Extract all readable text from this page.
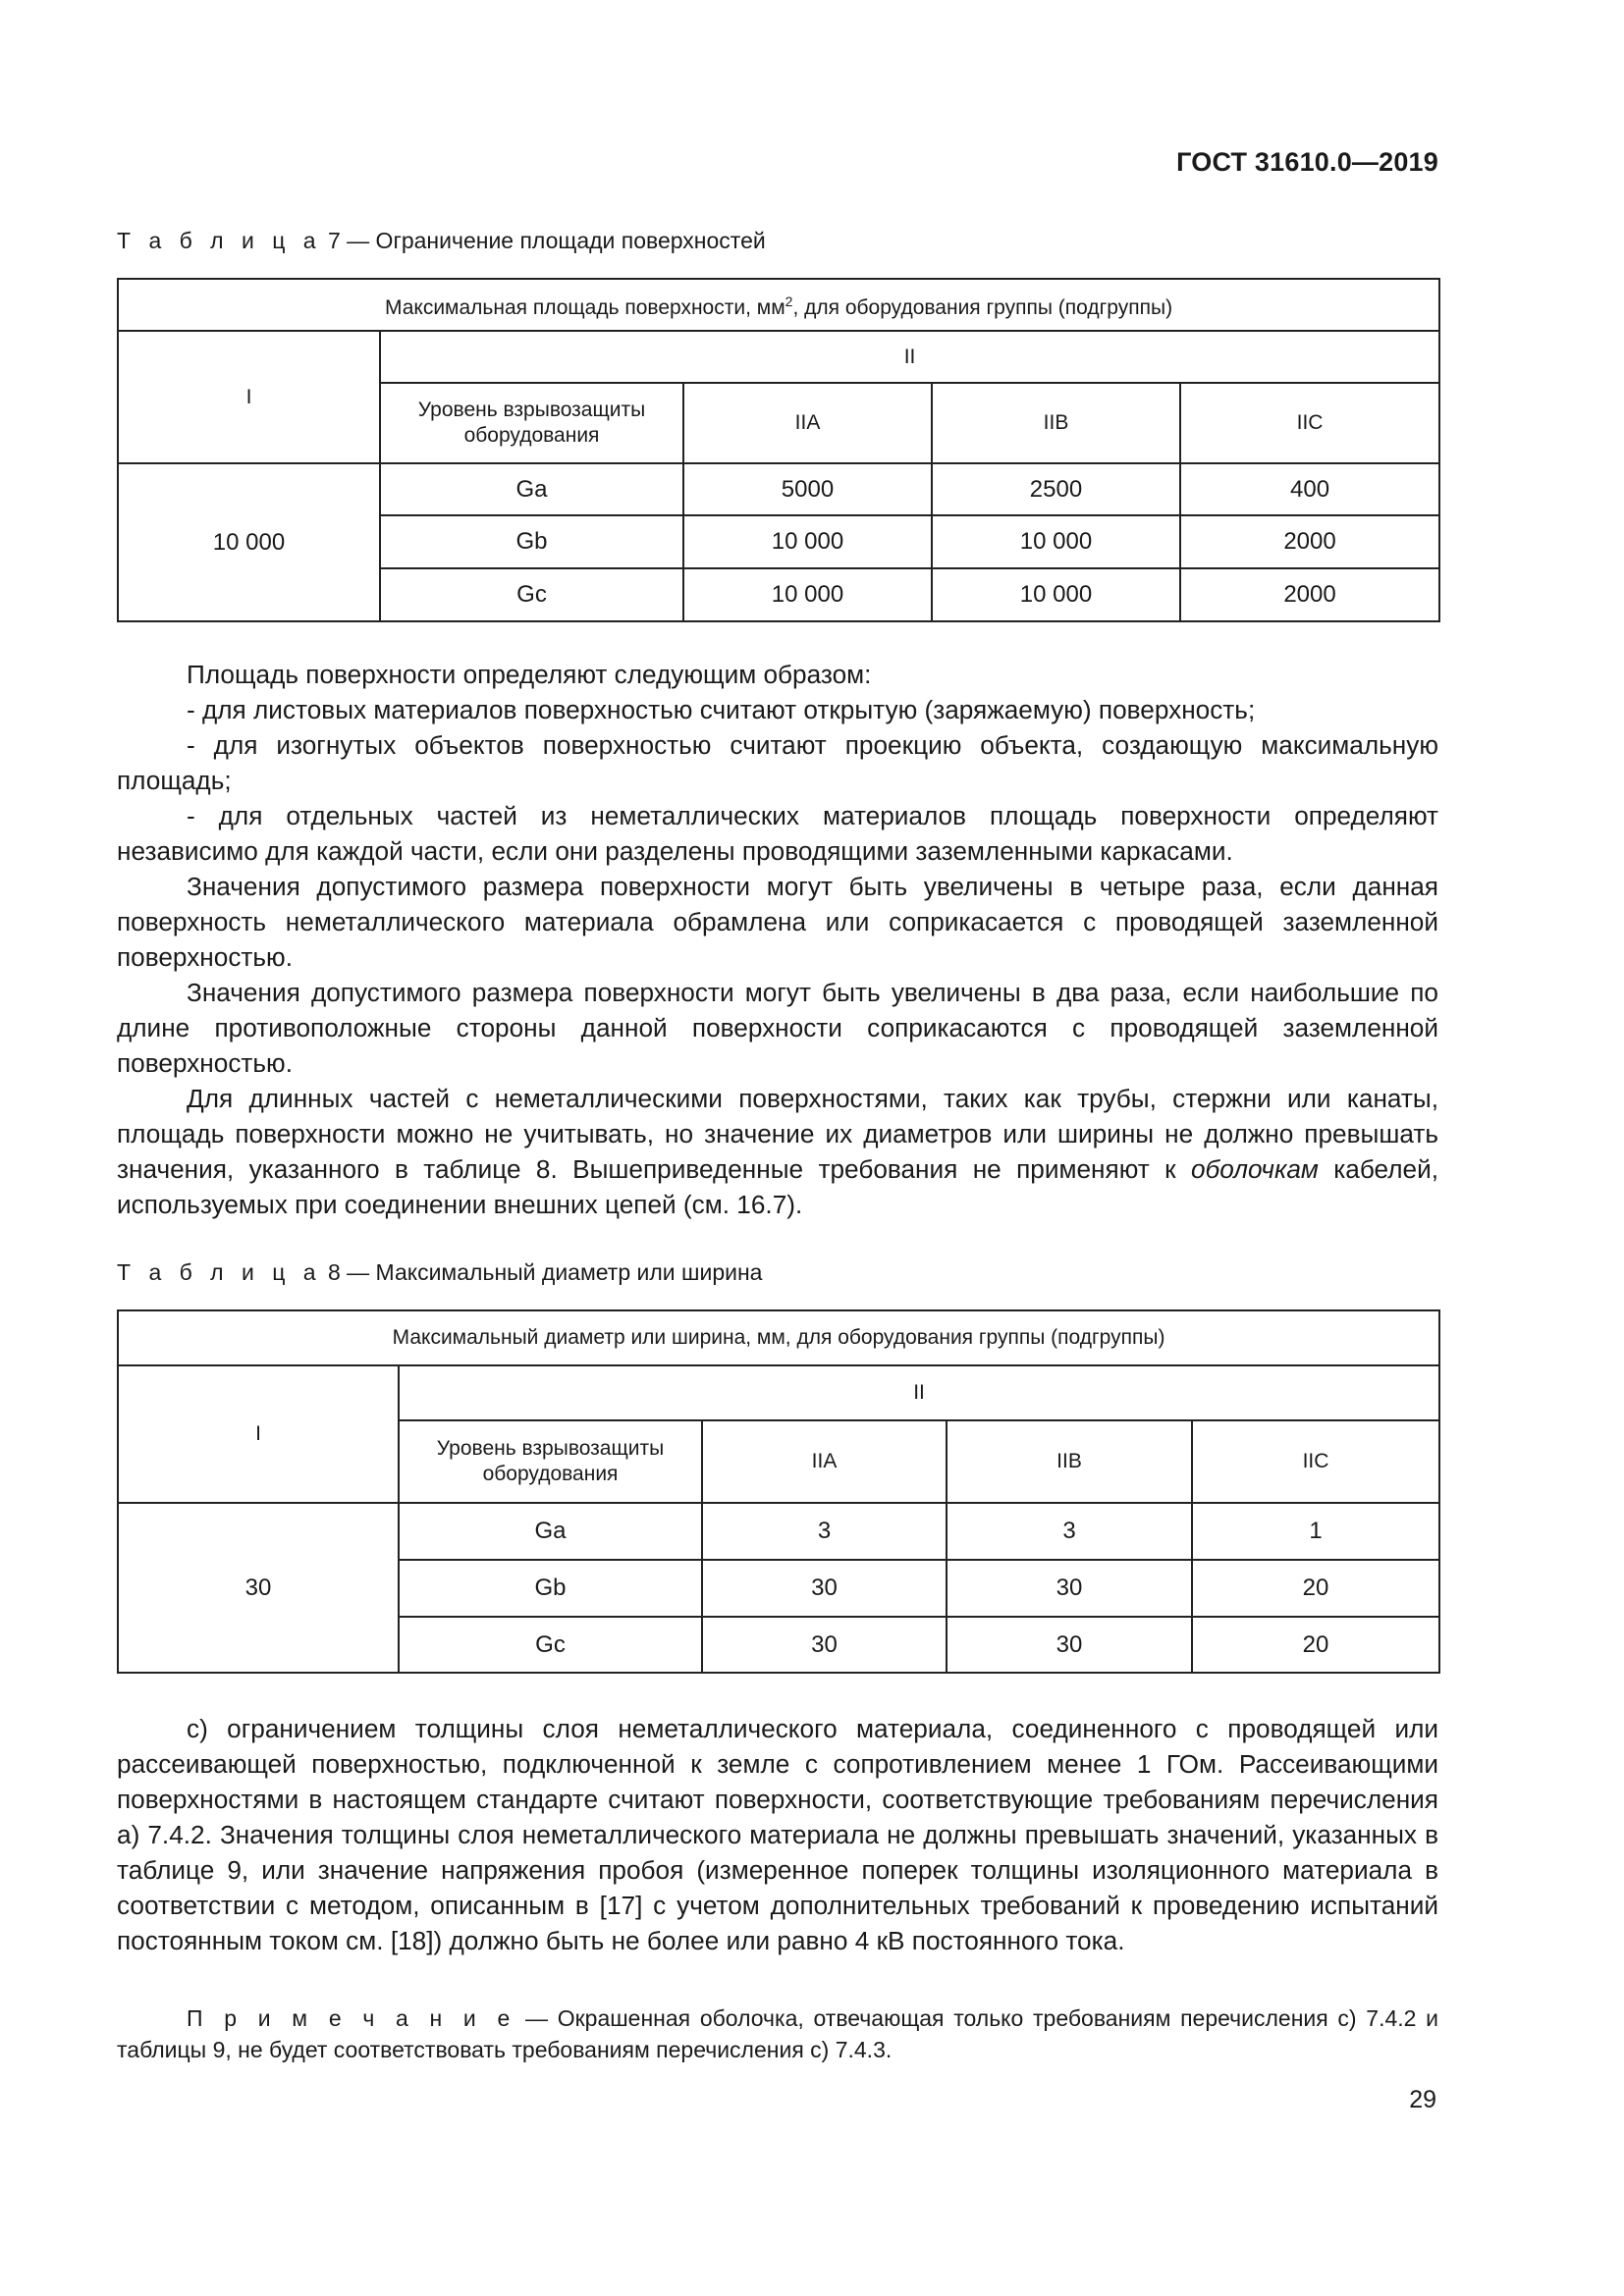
ГОСТ 31610.0—2019
Т а б л и ц а 7 — Ограничение площади поверхностей
Максимальная площадь поверхности, $мм^2$, для оборудования группы (подгруппы)				
I	II			
	Уровень взрывозащиты оборудования	IIA	IIB	IIC
10 000	Ga	5000	2500	400
	Gb	10 000	10 000	2000
	Gc	10 000	10 000	2000

Площадь поверхности определяют следующим образом:

- для листовых материалов поверхностью считают открытую (заряжаемую) поверхность;

- для изогнутых объектов поверхностью считают проекцию объекта, создающую максимальную площадь;

- для отдельных частей из неметаллических материалов площадь поверхности определяют независимо для каждой части, если они разделены проводящими заземленными каркасами.

Значения допустимого размера поверхности могут быть увеличены в четыре раза, если данная поверхность неметаллического материала обрамлена или соприкасается с проводящей заземленной поверхностью.

Значения допустимого размера поверхности могут быть увеличены в два раза, если наибольшие по длине противоположные стороны данной поверхности соприкасаются с проводящей заземленной поверхностью.

Для длинных частей с неметаллическими поверхностями, таких как трубы, стержни или канаты, площадь поверхности можно не учитывать, но значение их диаметров или ширины не должно превышать значения, указанного в таблице 8. Вышеприведенные требования не применяют к оболочкам кабелей, используемых при соединении внешних цепей (см. 16.7).

Т а б л и ц а 8 — Максимальный диаметр или ширина
Максимальный диаметр или ширина, мм, для оборудования группы (подгруппы)				
I	II			
	Уровень взрывозащиты оборудования	IIA	IIB	IIC
30	Ga	3	3	1
	Gb	30	30	20
	Gc	30	30	20

с) ограничением толщины слоя неметаллического материала, соединенного с проводящей или рассеивающей поверхностью, подключенной к земле с сопротивлением менее 1 ГОм. Рассеивающими поверхностями в настоящем стандарте считают поверхности, соответствующие требованиям перечисления а) 7.4.2. Значения толщины слоя неметаллического материала не должны превышать значений, указанных в таблице 9, или значение напряжения пробоя (измеренное поперек толщины изоляционного материала в соответствии с методом, описанным в [17] с учетом дополнительных требований к проведению испытаний постоянным током см. [18]) должно быть не более или равно 4 кВ постоянного тока.

П р и м е ч а н и е — Окрашенная оболочка, отвечающая только требованиям перечисления с) 7.4.2 и таблицы 9, не будет соответствовать требованиям перечисления с) 7.4.3.

29
